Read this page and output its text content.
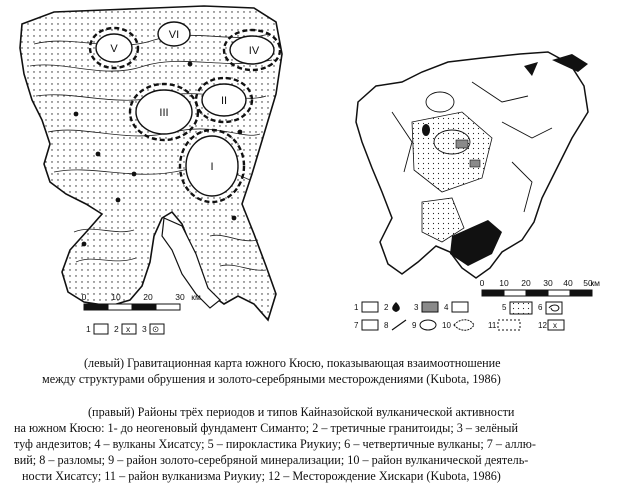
I
II
III
IV
V
VI
0	10	20	30 км
1	2 x 3 ⊙
0 10 20 30 40 50
км
1	2	3	4	5	6
7	8	9	10	11	12 x
(левый) Гравитационная карта южного Кюсю, показывающая взаимоотношение
между структурами обрушения и золото-серебряными месторождениями (Kubota, 1986)
(правый) Районы трёх периодов и типов Кайназойской вулканической активности
на южном Кюсю: 1- до неогеновый фундамент Симанто; 2 – третичные гранитоиды; 3 – зелёный
туф андезитов; 4 – вулканы Хисатсу; 5 – пирокластика Риукиу; 6 – четвертичные вулканы; 7 – аллю-
вий; 8 – разломы; 9 – район золото-серебряной минерализации; 10 – район вулканической деятель-
ности Хисатсу; 11 – район вулканизма Риукиу; 12 – Месторождение Хискари (Kubota, 1986)
